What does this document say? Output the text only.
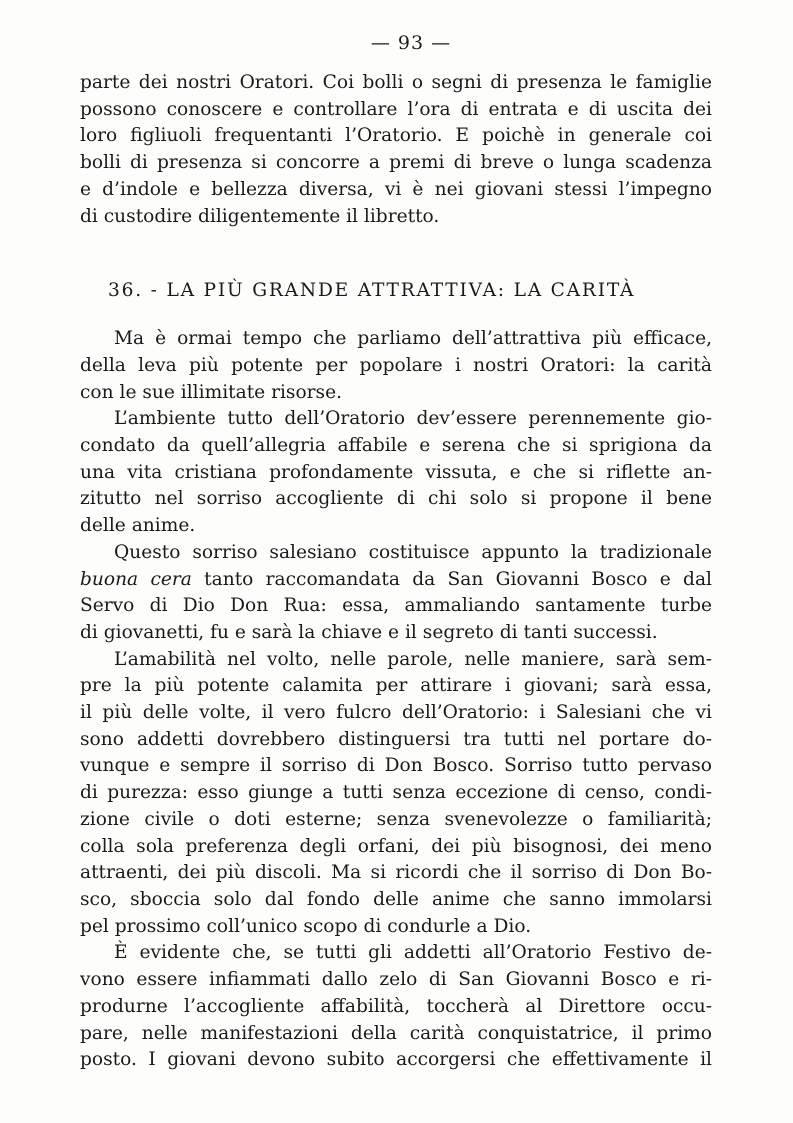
— 93 —
parte dei nostri Oratori. Coi bolli o segni di presenza le famiglie
possono conoscere e controllare l’ora di entrata e di uscita dei
loro figliuoli frequentanti l’Oratorio. E poichè in generale coi
bolli di presenza si concorre a premi di breve o lunga scadenza
e d’indole e bellezza diversa, vi è nei giovani stessi l’impegno
di custodire diligentemente il libretto.
36. - LA PIÙ GRANDE ATTRATTIVA: LA CARITÀ
Ma è ormai tempo che parliamo dell’attrattiva più efficace,
della leva più potente per popolare i nostri Oratori: la carità
con le sue illimitate risorse.
L’ambiente tutto dell’Oratorio dev’essere perennemente gio-
condato da quell’allegria affabile e serena che si sprigiona da
una vita cristiana profondamente vissuta, e che si riflette an-
zitutto nel sorriso accogliente di chi solo si propone il bene
delle anime.
Questo sorriso salesiano costituisce appunto la tradizionale
buona cera tanto raccomandata da San Giovanni Bosco e dal
Servo di Dio Don Rua: essa, ammaliando santamente turbe
di giovanetti, fu e sarà la chiave e il segreto di tanti successi.
L’amabilità nel volto, nelle parole, nelle maniere, sarà sem-
pre la più potente calamita per attirare i giovani; sarà essa,
il più delle volte, il vero fulcro dell’Oratorio: i Salesiani che vi
sono addetti dovrebbero distinguersi tra tutti nel portare do-
vunque e sempre il sorriso di Don Bosco. Sorriso tutto pervaso
di purezza: esso giunge a tutti senza eccezione di censo, condi-
zione civile o doti esterne; senza svenevolezze o familiarità;
colla sola preferenza degli orfani, dei più bisognosi, dei meno
attraenti, dei più discoli. Ma si ricordi che il sorriso di Don Bo-
sco, sboccia solo dal fondo delle anime che sanno immolarsi
pel prossimo coll’unico scopo di condurle a Dio.
È evidente che, se tutti gli addetti all’Oratorio Festivo de-
vono essere infiammati dallo zelo di San Giovanni Bosco e ri-
produrne l’accogliente affabilità, toccherà al Direttore occu-
pare, nelle manifestazioni della carità conquistatrice, il primo
posto. I giovani devono subito accorgersi che effettivamente il
